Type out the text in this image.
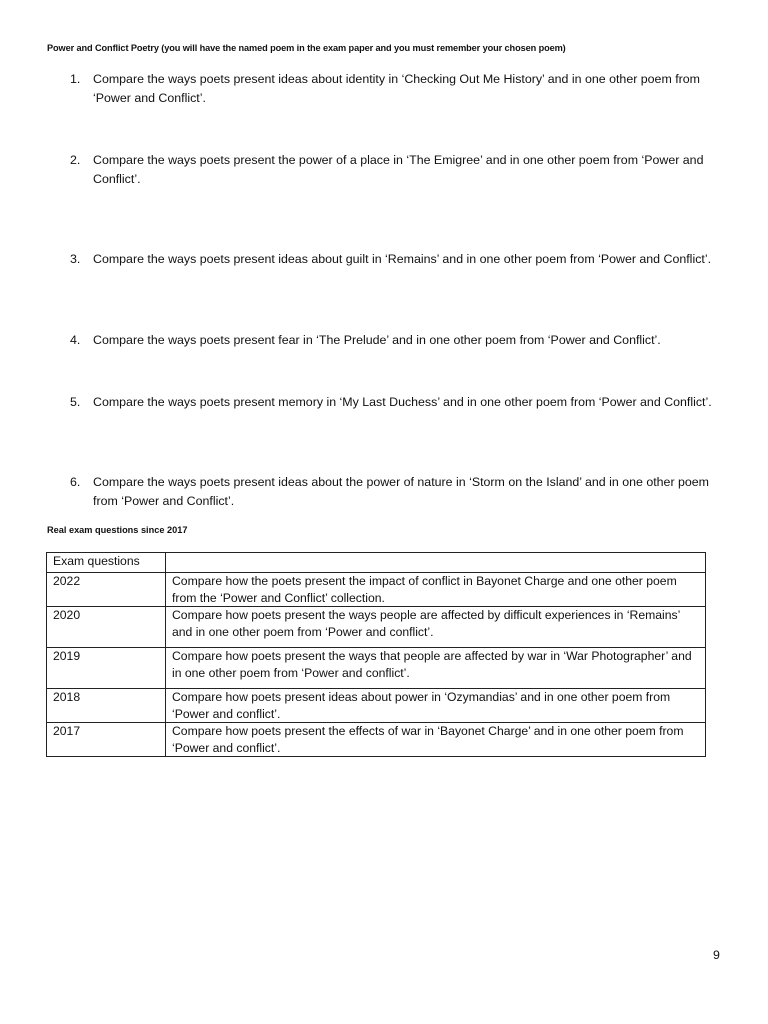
Power and Conflict Poetry (you will have the named poem in the exam paper and you must remember your chosen poem)
1. Compare the ways poets present ideas about identity in ‘Checking Out Me History’ and in one other poem from ‘Power and Conflict’.
2. Compare the ways poets present the power of a place in ‘The Emigree’ and in one other poem from ‘Power and Conflict’.
3. Compare the ways poets present ideas about guilt in ‘Remains’ and in one other poem from ‘Power and Conflict’.
4. Compare the ways poets present fear in ‘The Prelude’ and in one other poem from ‘Power and Conflict’.
5. Compare the ways poets present memory in ‘My Last Duchess’ and in one other poem from ‘Power and Conflict’.
6. Compare the ways poets present ideas about the power of nature in ‘Storm on the Island’ and in one other poem from ‘Power and Conflict’.
Real exam questions since 2017
Exam questions	
2022	Compare how the poets present the impact of conflict in Bayonet Charge and one other poem from the ‘Power and Conflict’ collection.
2020	Compare how poets present the ways people are affected by difficult experiences in ‘Remains’ and in one other poem from ‘Power and conflict’.
2019	Compare how poets present the ways that people are affected by war in ‘War Photographer’ and in one other poem from ‘Power and conflict’.
2018	Compare how poets present ideas about power in ‘Ozymandias’ and in one other poem from ‘Power and conflict’.
2017	Compare how poets present the effects of war in ‘Bayonet Charge’ and in one other poem from ‘Power and conflict’.
9
